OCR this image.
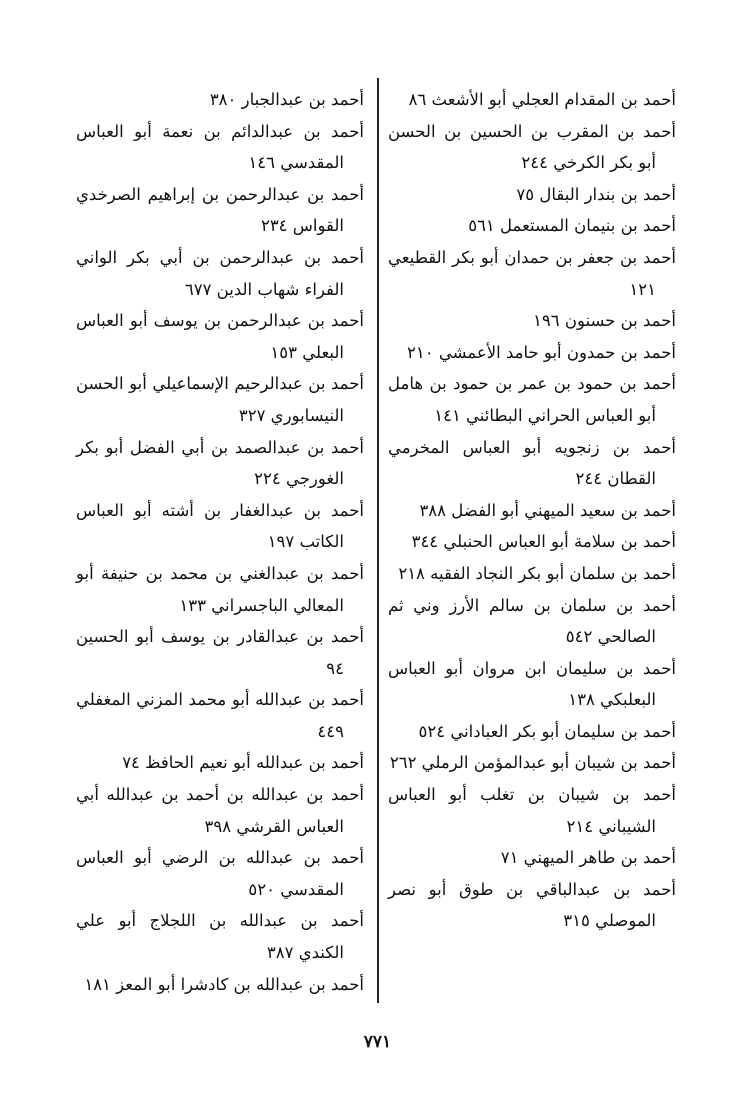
أحمد بن المقدام العجلي أبو الأشعث ٨٦
أحمد بن المقرب بن الحسين بن الحسن أبو بكر الكرخي ٢٤٤
أحمد بن بندار البقال ٧٥
أحمد بن بنيمان المستعمل ٥٦١
أحمد بن جعفر بن حمدان أبو بكر القطيعي ١٢١
أحمد بن حسنون ١٩٦
أحمد بن حمدون أبو حامد الأعمشي ٢١٠
أحمد بن حمود بن عمر بن حمود بن هامل أبو العباس الحراني البطائني ١٤١
أحمد بن زنجويه أبو العباس المخرمي القطان ٢٤٤
أحمد بن سعيد الميهني أبو الفضل ٣٨٨
أحمد بن سلامة أبو العباس الحنبلي ٣٤٤
أحمد بن سلمان أبو بكر النجاد الفقيه ٢١٨
أحمد بن سلمان بن سالم الأرز وني ثم الصالحي ٥٤٢
أحمد بن سليمان ابن مروان أبو العباس البعلبكي ١٣٨
أحمد بن سليمان أبو بكر العباداني ٥٢٤
أحمد بن شيبان أبو عبدالمؤمن الرملي ٢٦٢
أحمد بن شيبان بن تغلب أبو العباس الشيباني ٢١٤
أحمد بن طاهر الميهني ٧١
أحمد بن عبدالباقي بن طوق أبو نصر الموصلي ٣١٥
أحمد بن عبدالجبار ٣٨٠
أحمد بن عبدالدائم بن نعمة أبو العباس المقدسي ١٤٦
أحمد بن عبدالرحمن بن إبراهيم الصرخدي القواس ٢٣٤
أحمد بن عبدالرحمن بن أبي بكر الواني الفراء شهاب الدين ٦٧٧
أحمد بن عبدالرحمن بن يوسف أبو العباس البعلي ١٥٣
أحمد بن عبدالرحيم الإسماعيلي أبو الحسن النيسابوري ٣٢٧
أحمد بن عبدالصمد بن أبي الفضل أبو بكر الغورجي ٢٢٤
أحمد بن عبدالغفار بن أشته أبو العباس الكاتب ١٩٧
أحمد بن عبدالغني بن محمد بن حنيفة أبو المعالي الباجسراني ١٣٣
أحمد بن عبدالقادر بن يوسف أبو الحسين ٩٤
أحمد بن عبدالله أبو محمد المزني المغفلي ٤٤٩
أحمد بن عبدالله أبو نعيم الحافظ ٧٤
أحمد بن عبدالله بن أحمد بن عبدالله أبي العباس القرشي ٣٩٨
أحمد بن عبدالله بن الرضي أبو العباس المقدسي ٥٢٠
أحمد بن عبدالله بن اللجلاج أبو علي الكندي ٣٨٧
أحمد بن عبدالله بن كادشرا أبو المعز ١٨١
٧٧١
